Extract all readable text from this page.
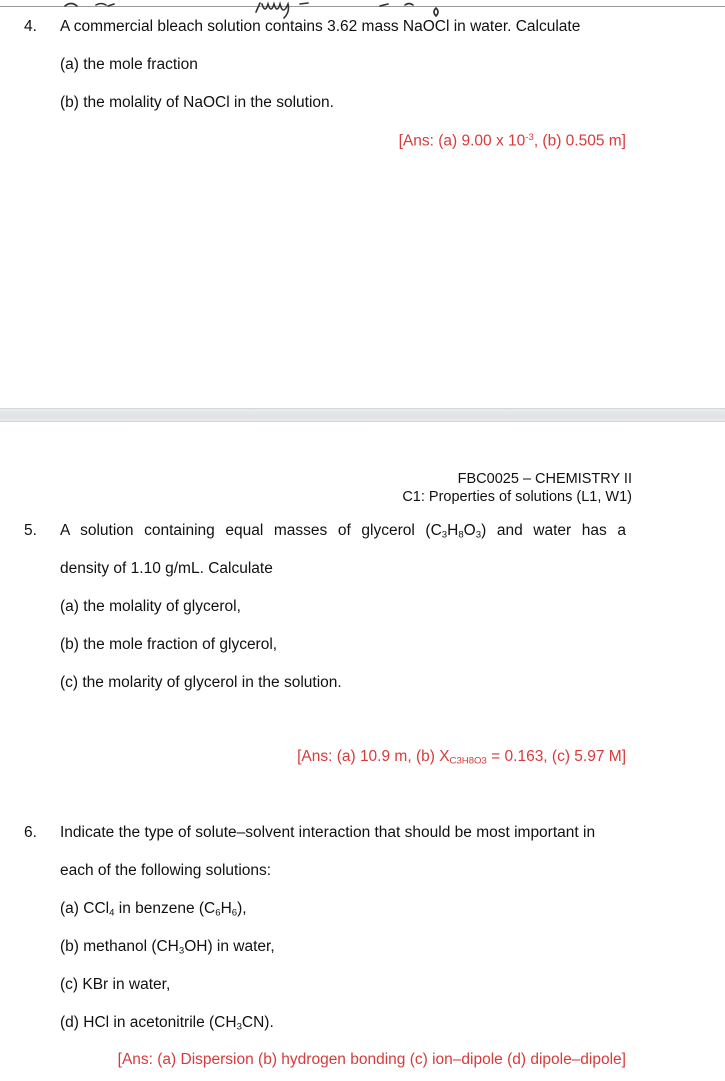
4. A commercial bleach solution contains 3.62 mass NaOCl in water. Calculate
(a) the mole fraction
(b) the molality of NaOCl in the solution.
[Ans: (a) 9.00 x $10^{-3}$, (b) 0.505 m]
FBC0025 – CHEMISTRY II
C1: Properties of solutions (L1, W1)
5. A solution containing equal masses of glycerol $(C_3H_8O_3)$ and water has a
density of 1.10 g/mL. Calculate
(a) the molality of glycerol,
(b) the mole fraction of glycerol,
(c) the molarity of glycerol in the solution.
[Ans: (a) 10.9 m, (b) $X_{C3H8O3} = 0.163$, (c) 5.97 M]
6. Indicate the type of solute–solvent interaction that should be most important in
each of the following solutions:
(a) CCl$_4$ in benzene $(C_6H_6)$,
(b) methanol $(CH_3OH)$ in water,
(c) KBr in water,
(d) HCl in acetonitrile $(CH_3CN)$.
[Ans: (a) Dispersion (b) hydrogen bonding (c) ion–dipole (d) dipole–dipole]
